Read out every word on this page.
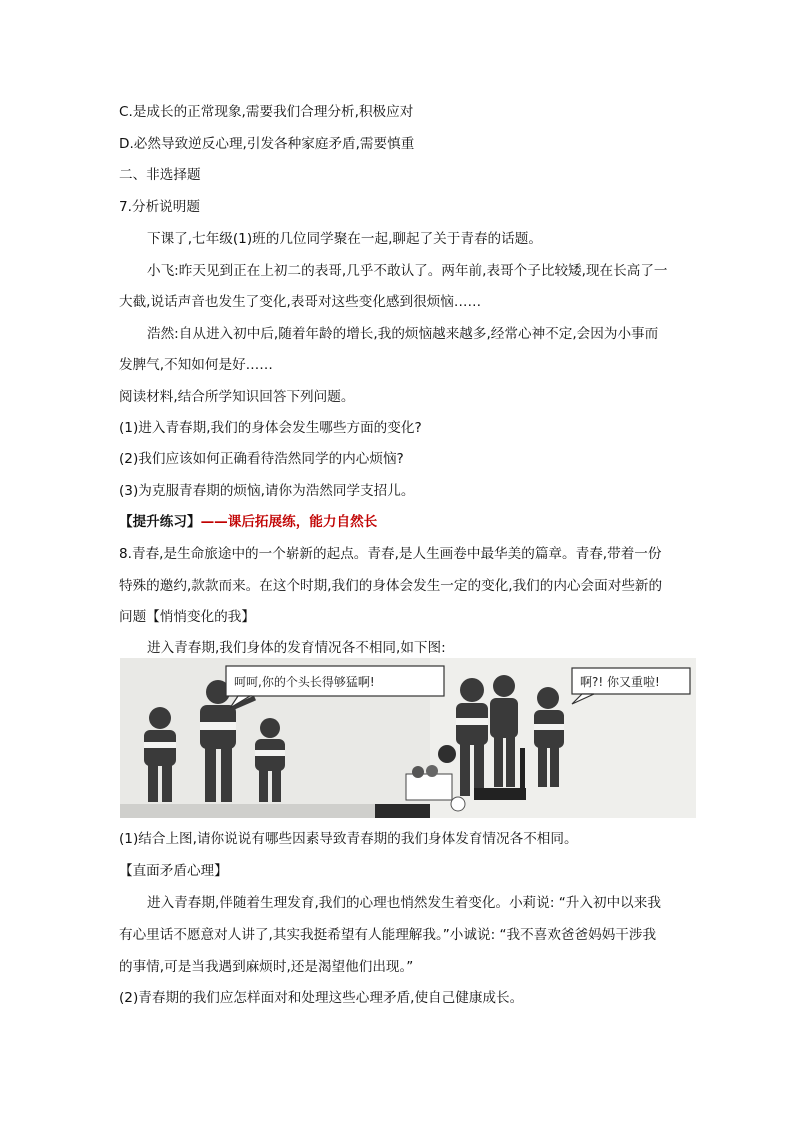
C.是成长的正常现象,需要我们合理分析,积极应对
D.必然导致逆反心理,引发各种家庭矛盾,需要慎重
二、非选择题
7.分析说明题
下课了,七年级(1)班的几位同学聚在一起,聊起了关于青春的话题。
小飞:昨天见到正在上初二的表哥,几乎不敢认了。两年前,表哥个子比较矮,现在长高了一
大截,说话声音也发生了变化,表哥对这些变化感到很烦恼……
浩然:自从进入初中后,随着年龄的增长,我的烦恼越来越多,经常心神不定,会因为小事而
发脾气,不知如何是好……
阅读材料,结合所学知识回答下列问题。
(1)进入青春期,我们的身体会发生哪些方面的变化?
(2)我们应该如何正确看待浩然同学的内心烦恼?
(3)为克服青春期的烦恼,请你为浩然同学支招儿。
【提升练习】——课后拓展练，能力自然长
8.青春,是生命旅途中的一个崭新的起点。青春,是人生画卷中最华美的篇章。青春,带着一份
特殊的邀约,款款而来。在这个时期,我们的身体会发生一定的变化,我们的内心会面对些新的
问题【悄悄变化的我】
进入青春期,我们身体的发育情况各不相同,如下图:
呵呵,你的个头长得够猛啊!	啊?! 你又重啦!
(1)结合上图,请你说说有哪些因素导致青春期的我们身体发育情况各不相同。
【直面矛盾心理】
进入青春期,伴随着生理发育,我们的心理也悄然发生着变化。小莉说: “升入初中以来我
有心里话不愿意对人讲了,其实我挺希望有人能理解我。”小诚说: “我不喜欢爸爸妈妈干涉我
的事情,可是当我遇到麻烦时,还是渴望他们出现。”
(2)青春期的我们应怎样面对和处理这些心理矛盾,使自己健康成长。
